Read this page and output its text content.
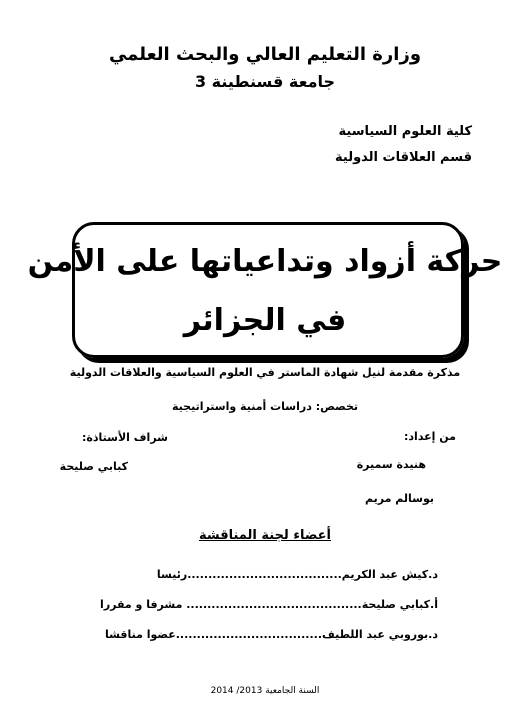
وزارة التعليم العالي والبحث العلمي
جامعة قسنطينة 3
كلية العلوم السياسية
قسم العلاقات الدولية
حركة أزواد وتداعياتها على الأمن
في الجزائر
مذكرة مقدمة لنيل شهادة الماستر في العلوم السياسية والعلاقات الدولية
تخصص: دراسات أمنية واستراتيجية
من إعداد:
شراف الأستاذة:
هنيدة سميرة
كبابي صليحة
بوسالم مريم
أعضاء لجنة المناقشة
د.كيش عبد الكريم.....................................رئيسا
أ.كبابي صليحة.......................................... مشرفا و مقررا
د.بوروبي عبد اللطيف...................................عضوا مناقشا
السنة الجامعية 2013/ 2014
